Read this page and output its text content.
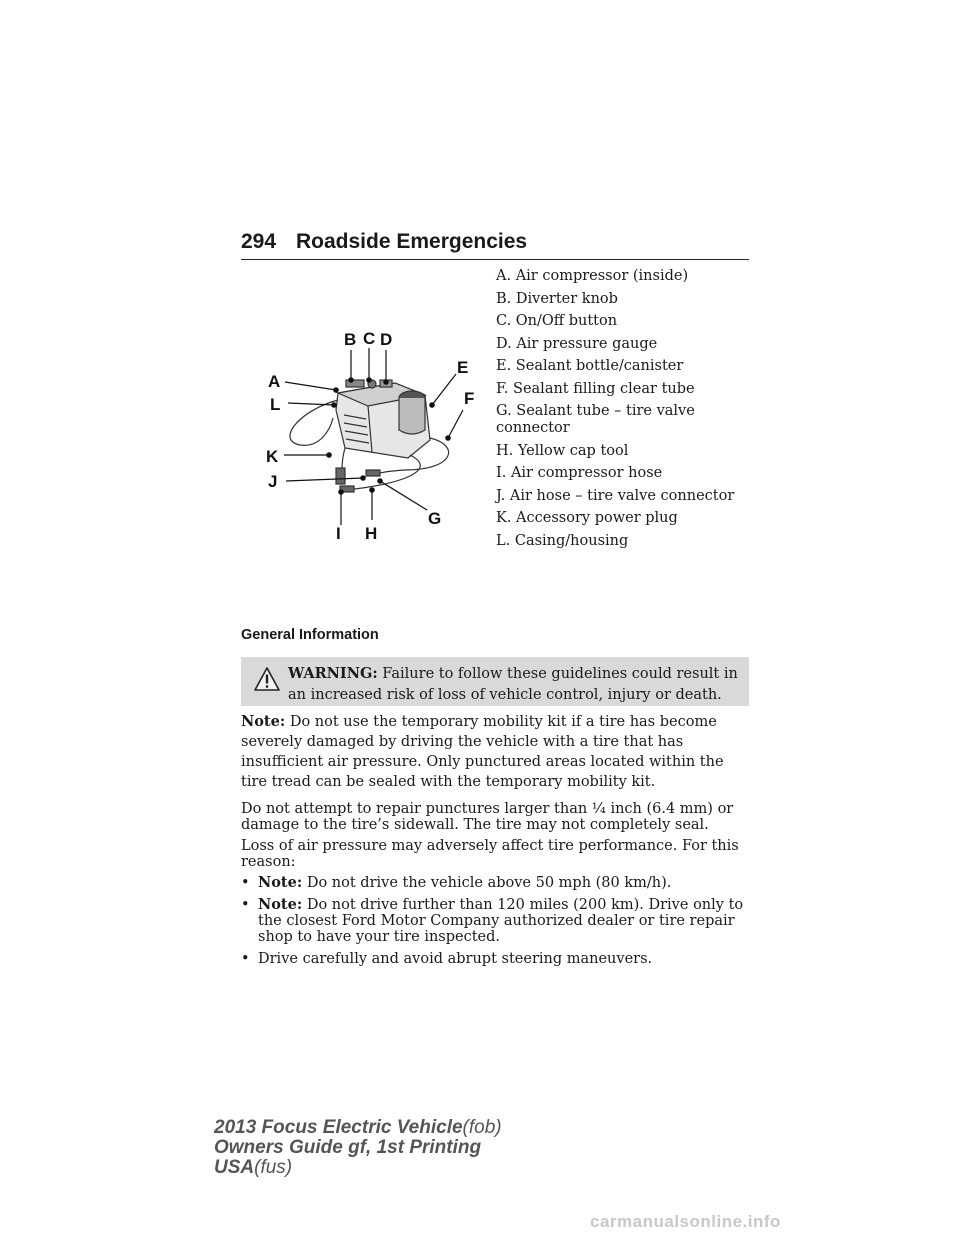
294 Roadside Emergencies
B C D
A
E
L	F
K
J
G
I H
A. Air compressor (inside)
B. Diverter knob
C. On/Off button
D. Air pressure gauge
E. Sealant bottle/canister
F. Sealant filling clear tube
G. Sealant tube – tire valve connector
H. Yellow cap tool
I. Air compressor hose
J. Air hose – tire valve connector
K. Accessory power plug
L. Casing/housing
General Information
WARNING: Failure to follow these guidelines could result in an increased risk of loss of vehicle control, injury or death.

Note: Do not use the temporary mobility kit if a tire has become severely damaged by driving the vehicle with a tire that has insufficient air pressure. Only punctured areas located within the tire tread can be sealed with the temporary mobility kit.

Do not attempt to repair punctures larger than ¹⁄₄ inch (6.4 mm) or damage to the tire’s sidewall. The tire may not completely seal.

Loss of air pressure may adversely affect tire performance. For this reason:

• Note: Do not drive the vehicle above 50 mph (80 km/h).
• Note: Do not drive further than 120 miles (200 km). Drive only to the closest Ford Motor Company authorized dealer or tire repair shop to have your tire inspected.
• Drive carefully and avoid abrupt steering maneuvers.
2013 Focus Electric Vehicle(fob)
Owners Guide gf, 1st Printing
USA(fus)
carmanualsonline.info
